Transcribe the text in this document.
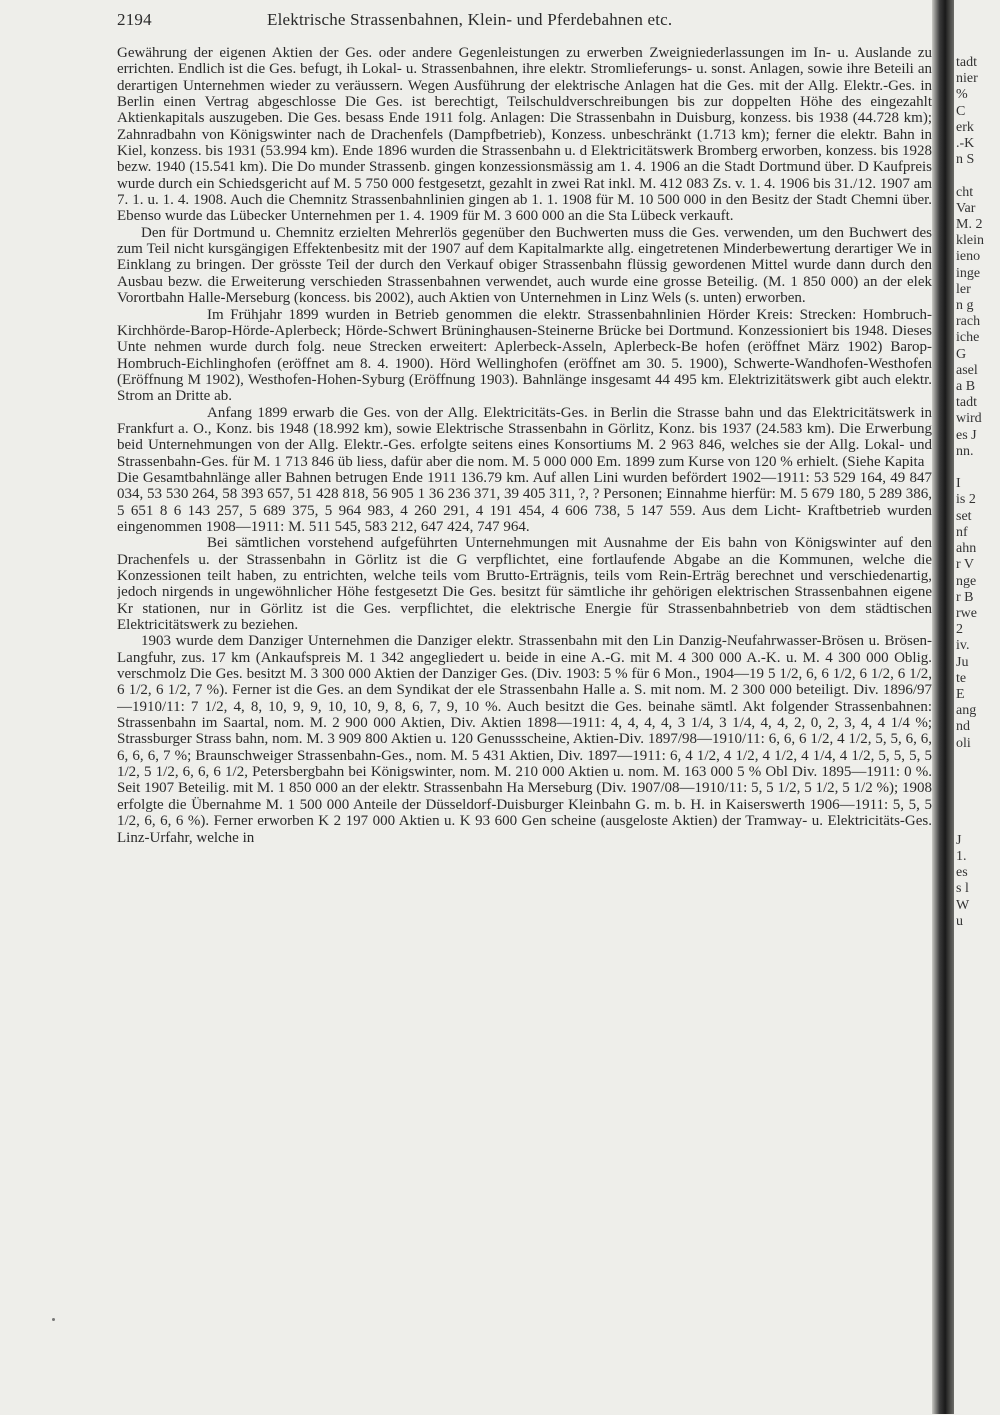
2194	Elektrische Strassenbahnen, Klein- und Pferdebahnen etc.

Gewährung der eigenen Aktien der Ges. oder andere Gegenleistungen zu erwerben Zweigniederlassungen im In- u. Auslande zu errichten. Endlich ist die Ges. befugt, ih Lokal- u. Strassenbahnen, ihre elektr. Stromlieferungs- u. sonst. Anlagen, sowie ihre Beteili an derartigen Unternehmen wieder zu veräussern. Wegen Ausführung der elektrische Anlagen hat die Ges. mit der Allg. Elektr.-Ges. in Berlin einen Vertrag abgeschlosse Die Ges. ist berechtigt, Teilschuldverschreibungen bis zur doppelten Höhe des eingezahlt Aktienkapitals auszugeben. Die Ges. besass Ende 1911 folg. Anlagen: Die Strassenbahn in Duisburg, konzess. bis 1938 (44.728 km); Zahnradbahn von Königswinter nach de Drachenfels (Dampfbetrieb), Konzess. unbeschränkt (1.713 km); ferner die elektr. Bahn in Kiel, konzess. bis 1931 (53.994 km). Ende 1896 wurden die Strassenbahn u. d Elektricitätswerk Bromberg erworben, konzess. bis 1928 bezw. 1940 (15.541 km). Die Do munder Strassenb. gingen konzessionsmässig am 1. 4. 1906 an die Stadt Dortmund über. D Kaufpreis wurde durch ein Schiedsgericht auf M. 5 750 000 festgesetzt, gezahlt in zwei Rat inkl. M. 412 083 Zs. v. 1. 4. 1906 bis 31./12. 1907 am 7. 1. u. 1. 4. 1908. Auch die Chemnitz Strassenbahnlinien gingen ab 1. 1. 1908 für M. 10 500 000 in den Besitz der Stadt Chemni über. Ebenso wurde das Lübecker Unternehmen per 1. 4. 1909 für M. 3 600 000 an die Sta Lübeck verkauft.

Den für Dortmund u. Chemnitz erzielten Mehrerlös gegenüber den Buchwerten muss die Ges. verwenden, um den Buchwert des zum Teil nicht kursgängigen Effektenbesitz mit der 1907 auf dem Kapitalmarkte allg. eingetretenen Minderbewertung derartiger We in Einklang zu bringen. Der grösste Teil der durch den Verkauf obiger Strassenbahn flüssig gewordenen Mittel wurde dann durch den Ausbau bezw. die Erweiterung verschieden Strassenbahnen verwendet, auch wurde eine grosse Beteilig. (M. 1 850 000) an der elek Vorortbahn Halle-Merseburg (koncess. bis 2002), auch Aktien von Unternehmen in Linz Wels (s. unten) erworben.

Im Frühjahr 1899 wurden in Betrieb genommen die elektr. Strassenbahnlinien Hörder Kreis: Strecken: Hombruch-Kirchhörde-Barop-Hörde-Aplerbeck; Hörde-Schwert Brüninghausen-Steinerne Brücke bei Dortmund. Konzessioniert bis 1948. Dieses Unte nehmen wurde durch folg. neue Strecken erweitert: Aplerbeck-Asseln, Aplerbeck-Be hofen (eröffnet März 1902) Barop-Hombruch-Eichlinghofen (eröffnet am 8. 4. 1900). Hörd Wellinghofen (eröffnet am 30. 5. 1900), Schwerte-Wandhofen-Westhofen (Eröffnung M 1902), Westhofen-Hohen-Syburg (Eröffnung 1903). Bahnlänge insgesamt 44 495 km. Elektrizitätswerk gibt auch elektr. Strom an Dritte ab.

Anfang 1899 erwarb die Ges. von der Allg. Elektricitäts-Ges. in Berlin die Strasse bahn und das Elektricitätswerk in Frankfurt a. O., Konz. bis 1948 (18.992 km), sowie Elektrische Strassenbahn in Görlitz, Konz. bis 1937 (24.583 km). Die Erwerbung beid Unternehmungen von der Allg. Elektr.-Ges. erfolgte seitens eines Konsortiums M. 2 963 846, welches sie der Allg. Lokal- und Strassenbahn-Ges. für M. 1 713 846 üb liess, dafür aber die nom. M. 5 000 000 Em. 1899 zum Kurse von 120 % erhielt. (Siehe Kapita

Die Gesamtbahnlänge aller Bahnen betrugen Ende 1911 136.79 km. Auf allen Lini wurden befördert 1902—1911: 53 529 164, 49 847 034, 53 530 264, 58 393 657, 51 428 818, 56 905 1 36 236 371, 39 405 311, ?, ? Personen; Einnahme hierfür: M. 5 679 180, 5 289 386, 5 651 8 6 143 257, 5 689 375, 5 964 983, 4 260 291, 4 191 454, 4 606 738, 5 147 559. Aus dem Licht- Kraftbetrieb wurden eingenommen 1908—1911: M. 511 545, 583 212, 647 424, 747 964.

Bei sämtlichen vorstehend aufgeführten Unternehmungen mit Ausnahme der Eis bahn von Königswinter auf den Drachenfels u. der Strassenbahn in Görlitz ist die G verpflichtet, eine fortlaufende Abgabe an die Kommunen, welche die Konzessionen teilt haben, zu entrichten, welche teils vom Brutto-Erträgnis, teils vom Rein-Erträg berechnet und verschiedenartig, jedoch nirgends in ungewöhnlicher Höhe festgesetzt Die Ges. besitzt für sämtliche ihr gehörigen elektrischen Strassenbahnen eigene Kr stationen, nur in Görlitz ist die Ges. verpflichtet, die elektrische Energie für Strassenbahnbetrieb von dem städtischen Elektricitätswerk zu beziehen.

1903 wurde dem Danziger Unternehmen die Danziger elektr. Strassenbahn mit den Lin Danzig-Neufahrwasser-Brösen u. Brösen-Langfuhr, zus. 17 km (Ankaufspreis M. 1 342 angegliedert u. beide in eine A.-G. mit M. 4 300 000 A.-K. u. M. 4 300 000 Oblig. verschmolz Die Ges. besitzt M. 3 300 000 Aktien der Danziger Ges. (Div. 1903: 5 % für 6 Mon., 1904—19 5 1/2, 6, 6 1/2, 6 1/2, 6 1/2, 6 1/2, 6 1/2, 7 %). Ferner ist die Ges. an dem Syndikat der ele Strassenbahn Halle a. S. mit nom. M. 2 300 000 beteiligt. Div. 1896/97—1910/11: 7 1/2, 4, 8, 10, 9, 9, 10, 10, 9, 8, 6, 7, 9, 10 %. Auch besitzt die Ges. beinahe sämtl. Akt folgender Strassenbahnen: Strassenbahn im Saartal, nom. M. 2 900 000 Aktien, Div. Aktien 1898—1911: 4, 4, 4, 4, 3 1/4, 3 1/4, 4, 4, 2, 0, 2, 3, 4, 4 1/4 %; Strassburger Strass bahn, nom. M. 3 909 800 Aktien u. 120 Genussscheine, Aktien-Div. 1897/98—1910/11: 6, 6, 6 1/2, 4 1/2, 5, 5, 6, 6, 6, 6, 6, 7 %; Braunschweiger Strassenbahn-Ges., nom. M. 5 431 Aktien, Div. 1897—1911: 6, 4 1/2, 4 1/2, 4 1/2, 4 1/4, 4 1/2, 5, 5, 5, 5 1/2, 5 1/2, 6, 6, 6 1/2, Petersbergbahn bei Königswinter, nom. M. 210 000 Aktien u. nom. M. 163 000 5 % Obl Div. 1895—1911: 0 %. Seit 1907 Beteilig. mit M. 1 850 000 an der elektr. Strassenbahn Ha Merseburg (Div. 1907/08—1910/11: 5, 5 1/2, 5 1/2, 5 1/2 %); 1908 erfolgte die Übernahme M. 1 500 000 Anteile der Düsseldorf-Duisburger Kleinbahn G. m. b. H. in Kaiserswerth 1906—1911: 5, 5, 5 1/2, 6, 6, 6 %). Ferner erworben K 2 197 000 Aktien u. K 93 600 Gen scheine (ausgeloste Aktien) der Tramway- u. Elektricitäts-Ges. Linz-Urfahr, welche in

tadt
nier
%
C
erk
.-K
n S

cht
Var
M. 2
klein
ieno
inge
ler
n g
rach
iche
G
asel
a B
tadt
wird
es J
nn.

I
is 2
set
nf
ahn
r V
nge
r B
rwe
2
iv.
Ju
te
E
ang
nd
oli

J
1.
es
s l
W
u
